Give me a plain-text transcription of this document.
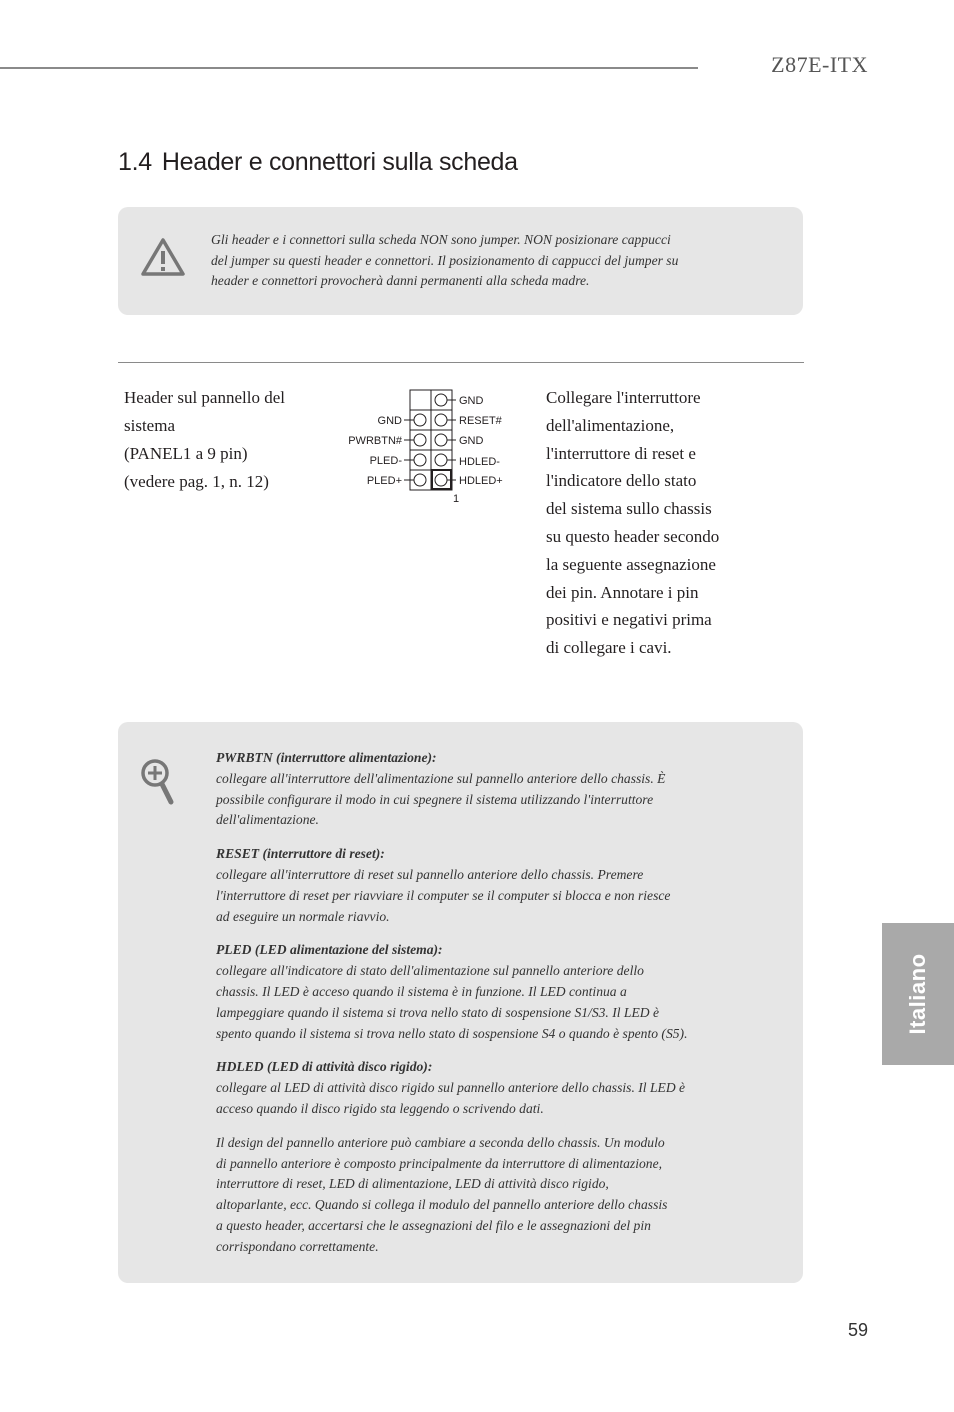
Z87E-ITX
1.4 Header e connettori sulla scheda
Gli header e i connettori sulla scheda NON sono jumper. NON posizionare cappucci
del jumper su questi header e connettori. Il posizionamento di cappucci del jumper su
header e connettori provocherà danni permanenti alla scheda madre.
Header sul pannello del
sistema
(PANEL1 a 9 pin)
(vedere pag. 1, n. 12)
GND
PWRBTN#
PLED-
PLED+
GND
RESET#
GND
HDLED-
HDLED+
1
Collegare l'interruttore
dell'alimentazione,
l'interruttore di reset e
l'indicatore dello stato
del sistema sullo chassis
su questo header secondo
la seguente assegnazione
dei pin. Annotare i pin
positivi e negativi prima
di collegare i cavi.
PWRBTN (interruttore alimentazione):
collegare all'interruttore dell'alimentazione sul pannello anteriore dello chassis. È
possibile configurare il modo in cui spegnere il sistema utilizzando l'interruttore
dell'alimentazione.
RESET (interruttore di reset):
collegare all'interruttore di reset sul pannello anteriore dello chassis. Premere
l'interruttore di reset per riavviare il computer se il computer si blocca e non riesce
ad eseguire un normale riavvio.
PLED (LED alimentazione del sistema):
collegare all'indicatore di stato dell'alimentazione sul pannello anteriore dello
chassis. Il LED è acceso quando il sistema è in funzione. Il LED continua a
lampeggiare quando il sistema si trova nello stato di sospensione S1/S3. Il LED è
spento quando il sistema si trova nello stato di sospensione S4 o quando è spento (S5).
HDLED (LED di attività disco rigido):
collegare al LED di attività disco rigido sul pannello anteriore dello chassis. Il LED è
acceso quando il disco rigido sta leggendo o scrivendo dati.
Il design del pannello anteriore può cambiare a seconda dello chassis. Un modulo
di pannello anteriore è composto principalmente da interruttore di alimentazione,
interruttore di reset, LED di alimentazione, LED di attività disco rigido,
altoparlante, ecc. Quando si collega il modulo del pannello anteriore dello chassis
a questo header, accertarsi che le assegnazioni del filo e le assegnazioni del pin
corrispondano correttamente.
Italiano
59
